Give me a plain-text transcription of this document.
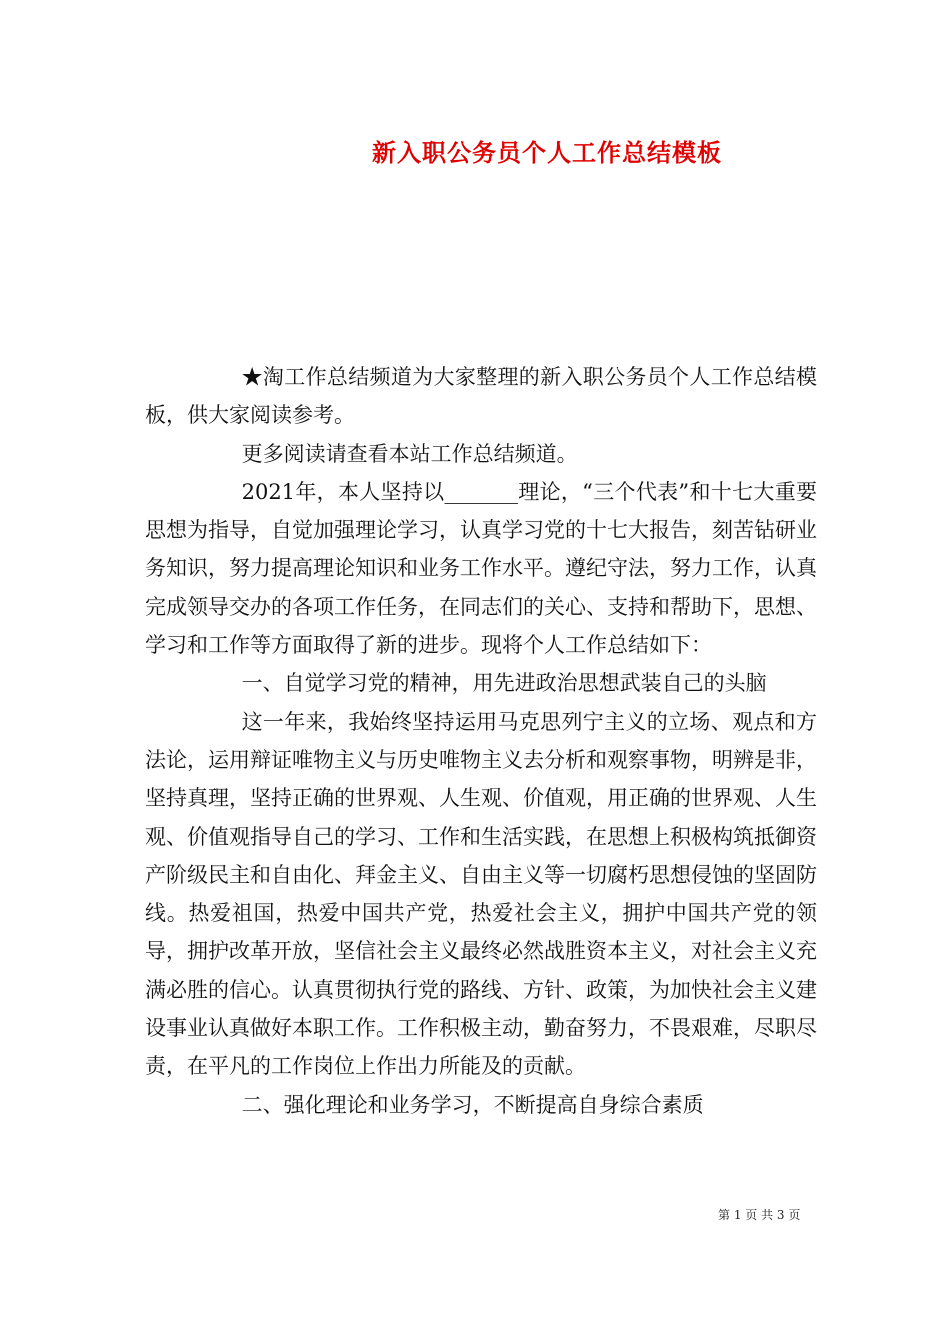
新入职公务员个人工作总结模板

★淘工作总结频道为大家整理的新入职公务员个人工作总结模板，供大家阅读参考。

更多阅读请查看本站工作总结频道。

2021年，本人坚持以_______理论，“三个代表”和十七大重要思想为指导，自觉加强理论学习，认真学习党的十七大报告，刻苦钻研业务知识，努力提高理论知识和业务工作水平。遵纪守法，努力工作，认真完成领导交办的各项工作任务，在同志们的关心、支持和帮助下，思想、学习和工作等方面取得了新的进步。现将个人工作总结如下：

一、自觉学习党的精神，用先进政治思想武装自己的头脑

这一年来，我始终坚持运用马克思列宁主义的立场、观点和方法论，运用辩证唯物主义与历史唯物主义去分析和观察事物，明辨是非，坚持真理，坚持正确的世界观、人生观、价值观，用正确的世界观、人生观、价值观指导自己的学习、工作和生活实践，在思想上积极构筑抵御资产阶级民主和自由化、拜金主义、自由主义等一切腐朽思想侵蚀的坚固防线。热爱祖国，热爱中国共产党，热爱社会主义，拥护中国共产党的领导，拥护改革开放，坚信社会主义最终必然战胜资本主义，对社会主义充满必胜的信心。认真贯彻执行党的路线、方针、政策，为加快社会主义建设事业认真做好本职工作。工作积极主动，勤奋努力，不畏艰难，尽职尽责，在平凡的工作岗位上作出力所能及的贡献。

二、强化理论和业务学习，不断提高自身综合素质

第 1 页 共 3 页
